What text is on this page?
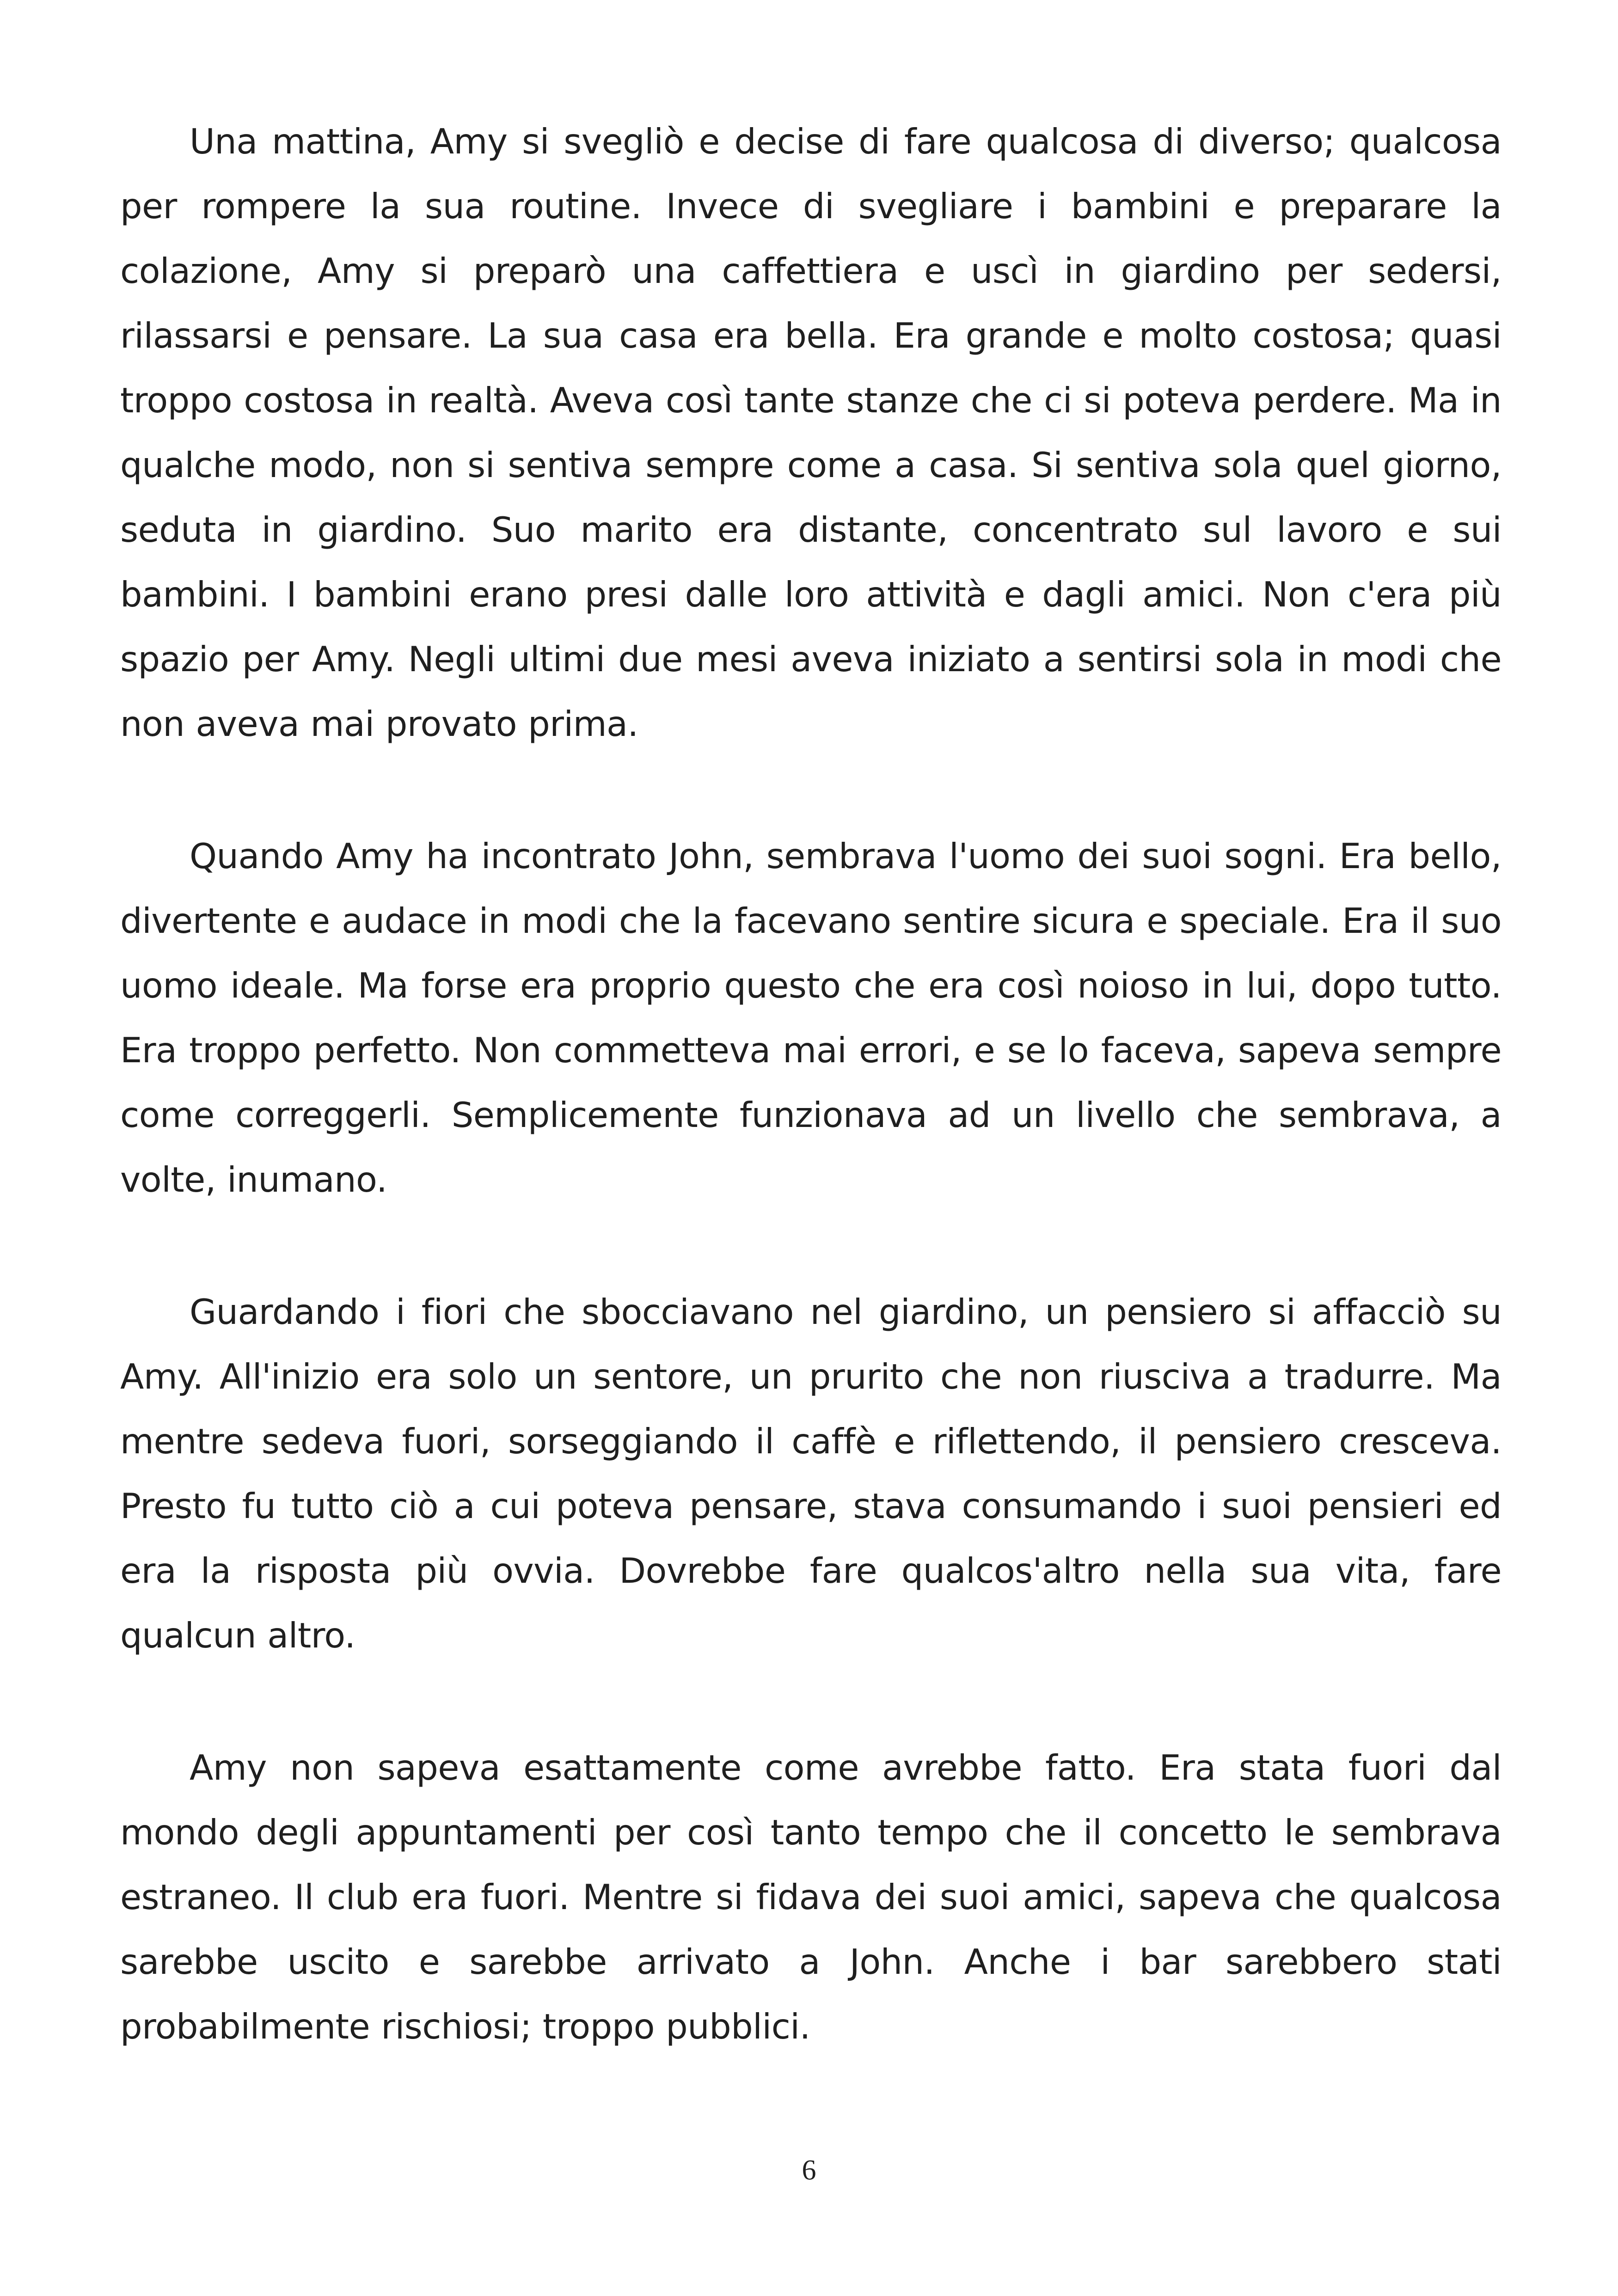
Una mattina, Amy si svegliò e decise di fare qualcosa di diverso; qualcosa per rompere la sua routine. Invece di svegliare i bambini e preparare la colazione, Amy si preparò una caffettiera e uscì in giardino per sedersi, rilassarsi e pensare. La sua casa era bella. Era grande e molto costosa; quasi troppo costosa in realtà. Aveva così tante stanze che ci si poteva perdere. Ma in qualche modo, non si sentiva sempre come a casa. Si sentiva sola quel giorno, seduta in giardino. Suo marito era distante, concentrato sul lavoro e sui bambini. I bambini erano presi dalle loro attività e dagli amici. Non c'era più spazio per Amy. Negli ultimi due mesi aveva iniziato a sentirsi sola in modi che non aveva mai provato prima.

Quando Amy ha incontrato John, sembrava l'uomo dei suoi sogni. Era bello, divertente e audace in modi che la facevano sentire sicura e speciale. Era il suo uomo ideale. Ma forse era proprio questo che era così noioso in lui, dopo tutto. Era troppo perfetto. Non commetteva mai errori, e se lo faceva, sapeva sempre come correggerli. Semplicemente funzionava ad un livello che sembrava, a volte, inumano.

Guardando i fiori che sbocciavano nel giardino, un pensiero si affacciò su Amy. All'inizio era solo un sentore, un prurito che non riusciva a tradurre. Ma mentre sedeva fuori, sorseggiando il caffè e riflettendo, il pensiero cresceva. Presto fu tutto ciò a cui poteva pensare, stava consumando i suoi pensieri ed era la risposta più ovvia. Dovrebbe fare qualcos'altro nella sua vita, fare qualcun altro.

Amy non sapeva esattamente come avrebbe fatto. Era stata fuori dal mondo degli appuntamenti per così tanto tempo che il concetto le sembrava estraneo. Il club era fuori. Mentre si fidava dei suoi amici, sapeva che qualcosa sarebbe uscito e sarebbe arrivato a John. Anche i bar sarebbero stati probabilmente rischiosi; troppo pubblici.

6
